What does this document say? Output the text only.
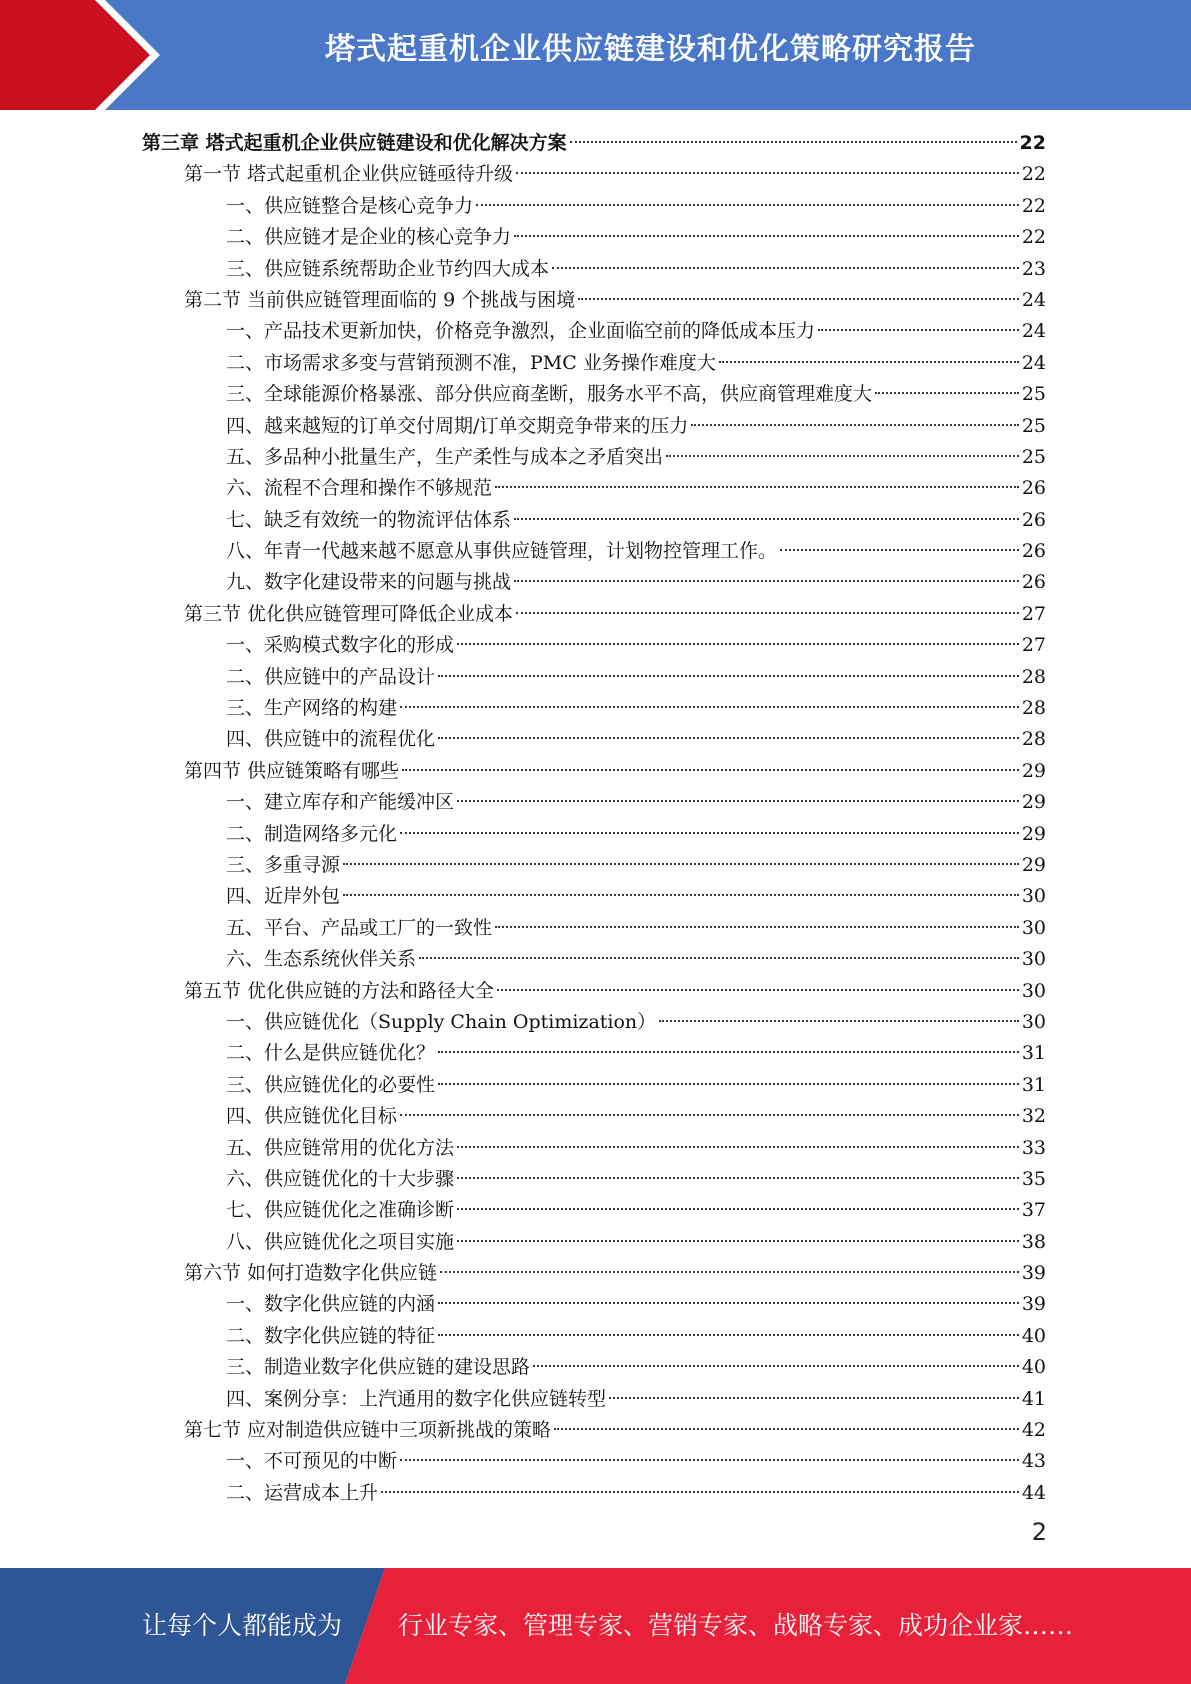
塔式起重机企业供应链建设和优化策略研究报告
第三章 塔式起重机企业供应链建设和优化解决方案	22
第一节 塔式起重机企业供应链亟待升级	22
一、供应链整合是核心竞争力	22
二、供应链才是企业的核心竞争力	22
三、供应链系统帮助企业节约四大成本	23
第二节 当前供应链管理面临的 9 个挑战与困境	24
一、产品技术更新加快，价格竞争激烈，企业面临空前的降低成本压力	24
二、市场需求多变与营销预测不准，PMC 业务操作难度大	24
三、全球能源价格暴涨、部分供应商垄断，服务水平不高，供应商管理难度大	25
四、越来越短的订单交付周期/订单交期竞争带来的压力	25
五、多品种小批量生产，生产柔性与成本之矛盾突出	25
六、流程不合理和操作不够规范	26
七、缺乏有效统一的物流评估体系	26
八、年青一代越来越不愿意从事供应链管理，计划物控管理工作。	26
九、数字化建设带来的问题与挑战	26
第三节 优化供应链管理可降低企业成本	27
一、采购模式数字化的形成	27
二、供应链中的产品设计	28
三、生产网络的构建	28
四、供应链中的流程优化	28
第四节 供应链策略有哪些	29
一、建立库存和产能缓冲区	29
二、制造网络多元化	29
三、多重寻源	29
四、近岸外包	30
五、平台、产品或工厂的一致性	30
六、生态系统伙伴关系	30
第五节 优化供应链的方法和路径大全	30
一、供应链优化（Supply Chain Optimization）	30
二、什么是供应链优化？	31
三、供应链优化的必要性	31
四、供应链优化目标	32
五、供应链常用的优化方法	33
六、供应链优化的十大步骤	35
七、供应链优化之准确诊断	37
八、供应链优化之项目实施	38
第六节 如何打造数字化供应链	39
一、数字化供应链的内涵	39
二、数字化供应链的特征	40
三、制造业数字化供应链的建设思路	40
四、案例分享：上汽通用的数字化供应链转型	41
第七节 应对制造供应链中三项新挑战的策略	42
一、不可预见的中断	43
二、运营成本上升	44
2
让每个人都能成为 行业专家、管理专家、营销专家、战略专家、成功企业家……
